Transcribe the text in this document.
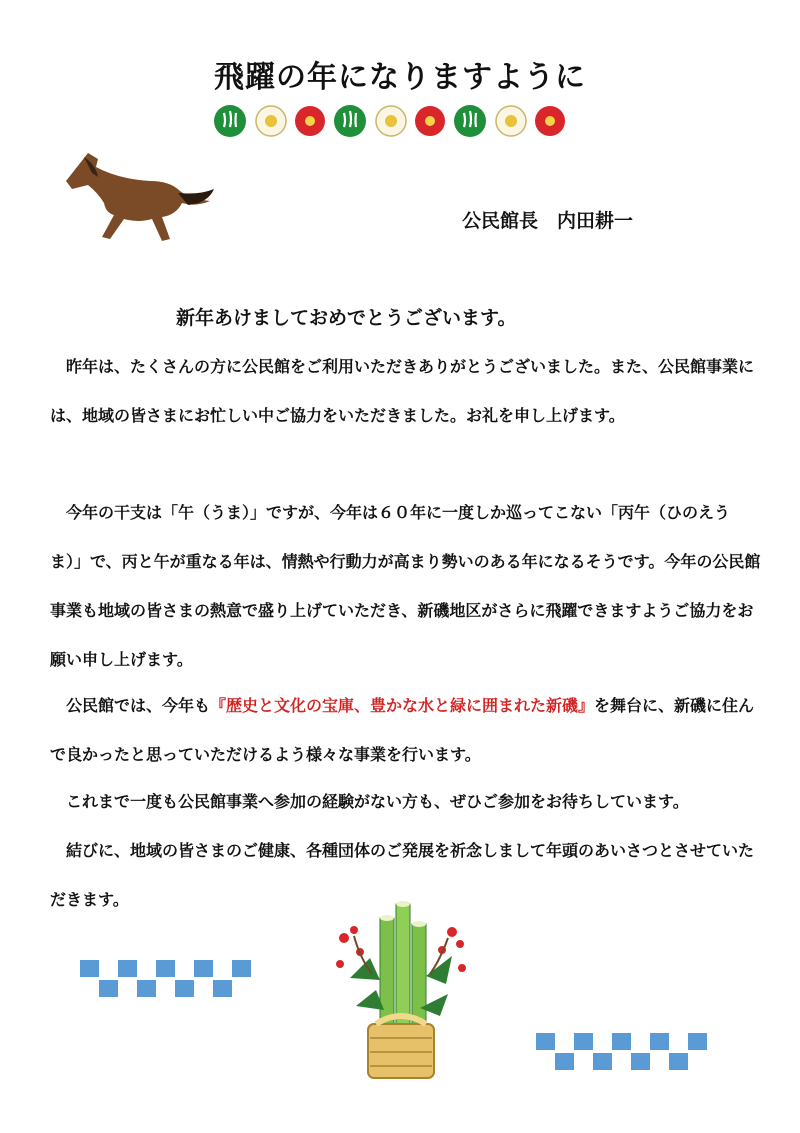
飛躍の年になりますように
公民館長　内田耕一
新年あけましておめでとうございます。

昨年は、たくさんの方に公民館をご利用いただきありがとうございました。また、公民館事業には、地域の皆さまにお忙しい中ご協力をいただきました。お礼を申し上げます。

今年の干支は「午（うま）」ですが、今年は６０年に一度しか巡ってこない「丙午（ひのえうま）」で、丙と午が重なる年は、情熱や行動力が高まり勢いのある年になるそうです。今年の公民館事業も地域の皆さまの熱意で盛り上げていただき、新磯地区がさらに飛躍できますようご協力をお願い申し上げます。

公民館では、今年も『歴史と文化の宝庫、豊かな水と緑に囲まれた新磯』を舞台に、新磯に住んで良かったと思っていただけるよう様々な事業を行います。

これまで一度も公民館事業へ参加の経験がない方も、ぜひご参加をお待ちしています。

結びに、地域の皆さまのご健康、各種団体のご発展を祈念しまして年頭のあいさつとさせていただきます。
